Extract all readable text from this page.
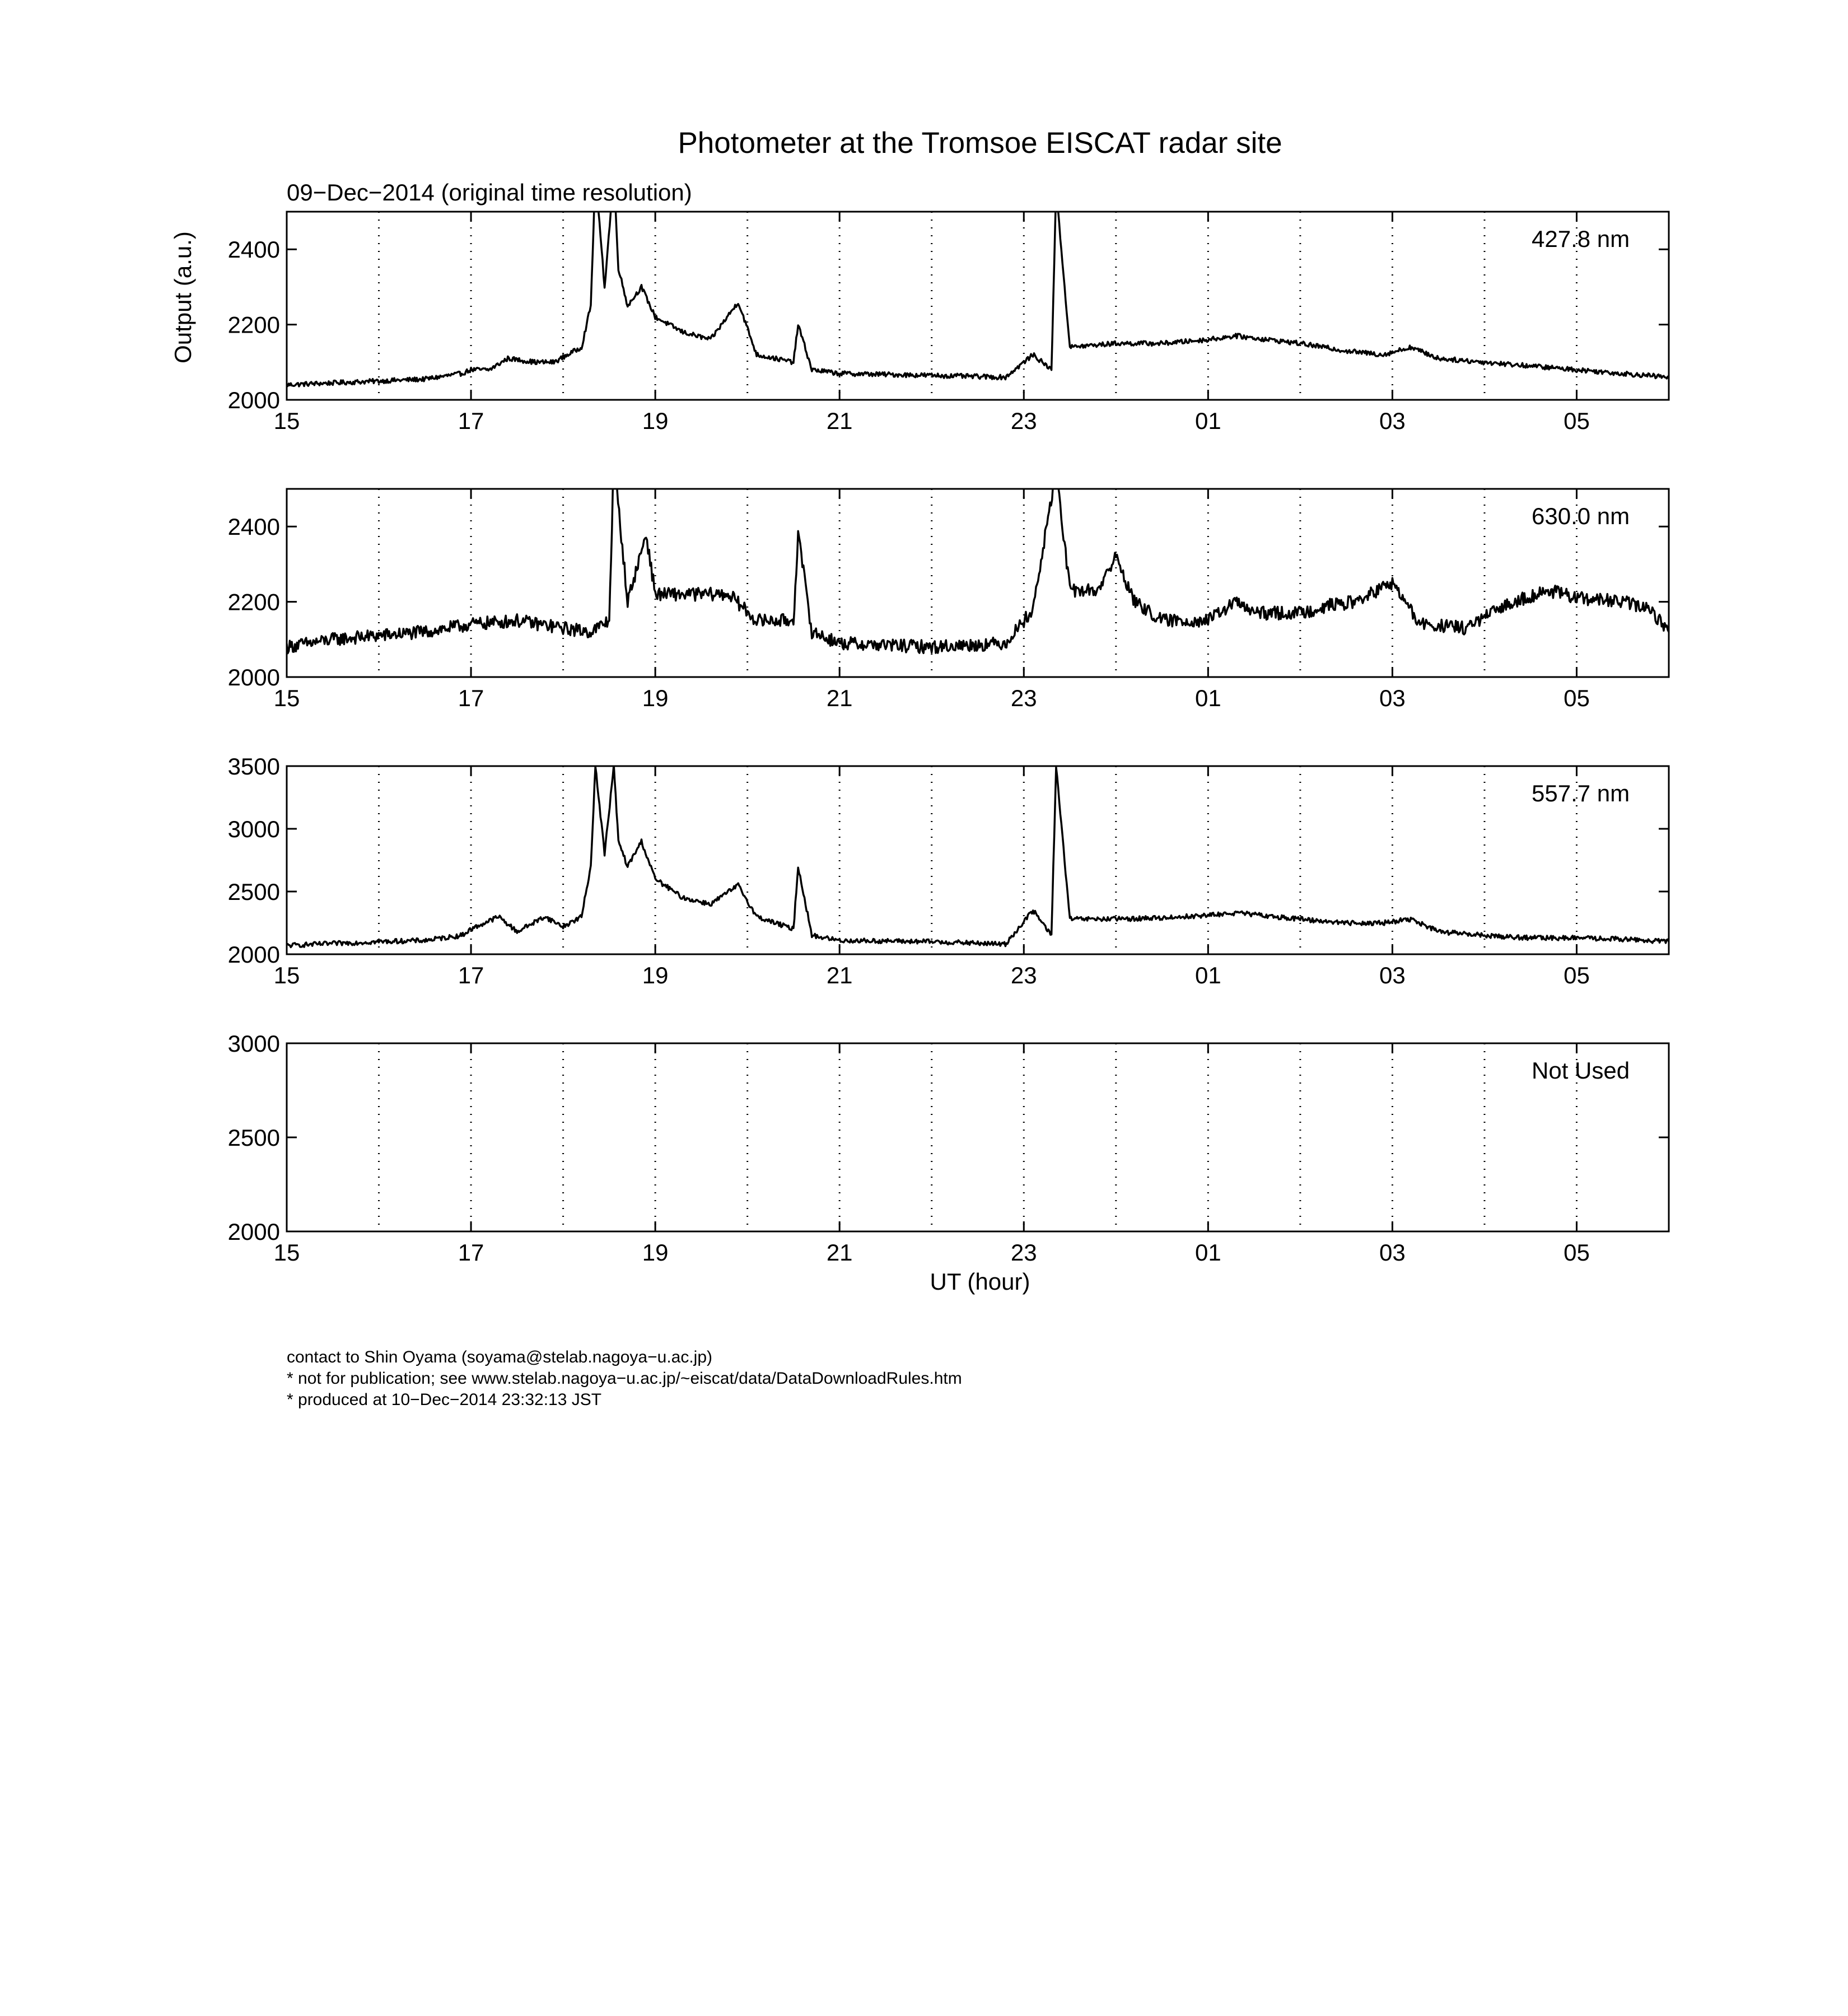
Photometer at the Tromsoe EISCAT radar site
09−Dec−2014 (original time resolution)
Output (a.u.)
15	17	19	21	23	01	03	05
2000
2200
2400	427.8 nm
15	17	19	21	23	01	03	05
2000
2200
2400	630.0 nm
15	17	19	21	23	01	03	05
2000
2500
3000
3500
557.7 nm
15	17	19	21	23	01	03	05
2000
2500
3000
Not Used
UT (hour)
contact to Shin Oyama (soyama@stelab.nagoya−u.ac.jp)
* not for publication; see www.stelab.nagoya−u.ac.jp/~eiscat/data/DataDownloadRules.htm
* produced at 10−Dec−2014 23:32:13 JST
